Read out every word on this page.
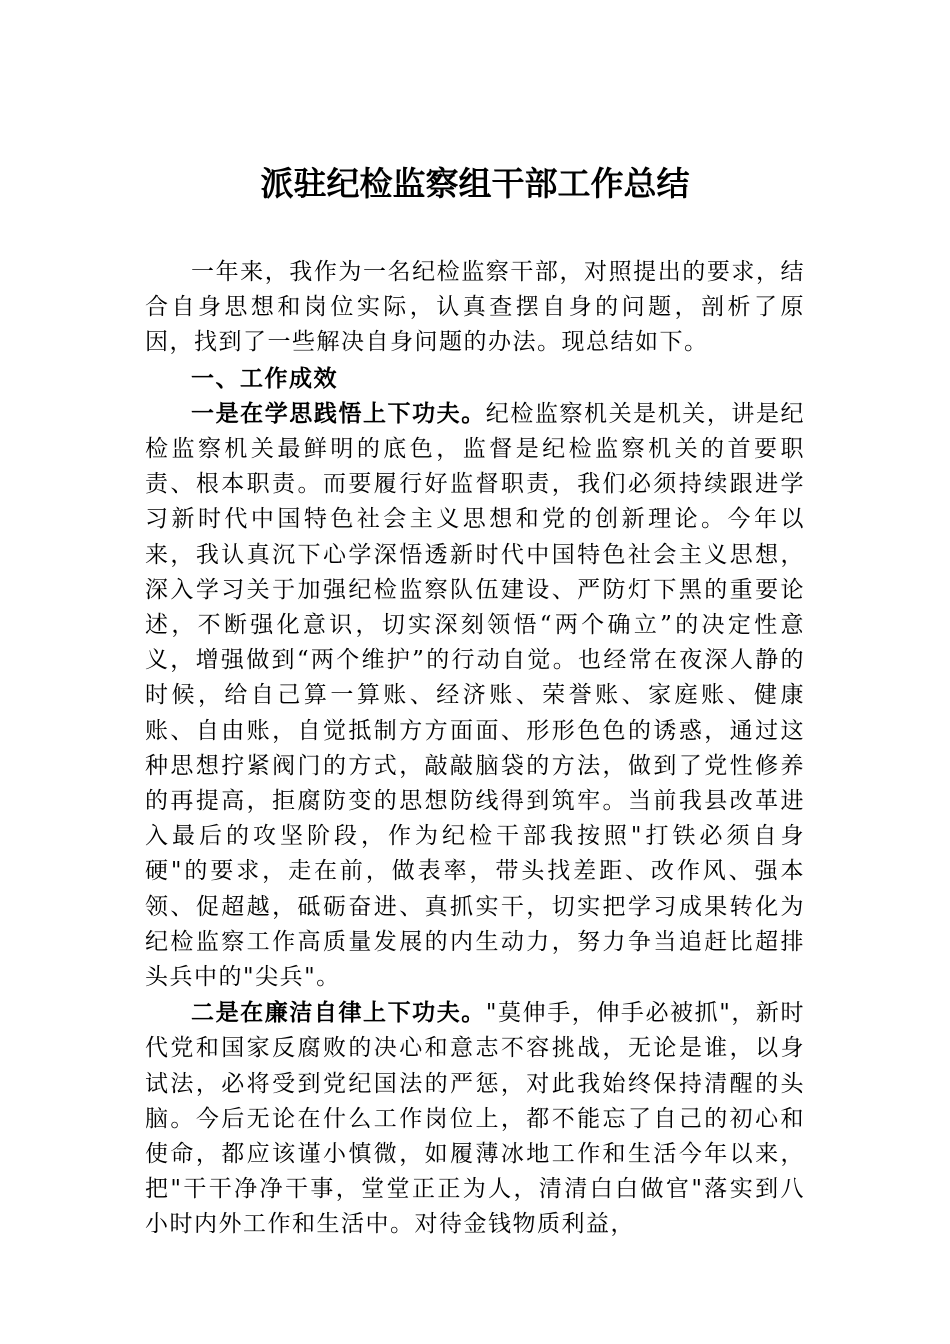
派驻纪检监察组干部工作总结

一年来，我作为一名纪检监察干部，对照提出的要求，结合自身思想和岗位实际，认真查摆自身的问题，剖析了原因，找到了一些解决自身问题的办法。现总结如下。

一、工作成效

一是在学思践悟上下功夫。纪检监察机关是机关，讲是纪检监察机关最鲜明的底色，监督是纪检监察机关的首要职责、根本职责。而要履行好监督职责，我们必须持续跟进学习新时代中国特色社会主义思想和党的创新理论。今年以来，我认真沉下心学深悟透新时代中国特色社会主义思想，深入学习关于加强纪检监察队伍建设、严防灯下黑的重要论述，不断强化意识，切实深刻领悟“两个确立”的决定性意义，增强做到“两个维护”的行动自觉。也经常在夜深人静的时候，给自己算一算账、经济账、荣誉账、家庭账、健康账、自由账，自觉抵制方方面面、形形色色的诱惑，通过这种思想拧紧阀门的方式，敲敲脑袋的方法，做到了党性修养的再提高，拒腐防变的思想防线得到筑牢。当前我县改革进入最后的攻坚阶段，作为纪检干部我按照"打铁必须自身硬"的要求，走在前，做表率，带头找差距、改作风、强本领、促超越，砥砺奋进、真抓实干，切实把学习成果转化为纪检监察工作高质量发展的内生动力，努力争当追赶比超排头兵中的"尖兵"。

二是在廉洁自律上下功夫。"莫伸手，伸手必被抓"，新时代党和国家反腐败的决心和意志不容挑战，无论是谁，以身试法，必将受到党纪国法的严惩，对此我始终保持清醒的头脑。今后无论在什么工作岗位上，都不能忘了自己的初心和使命，都应该谨小慎微，如履薄冰地工作和生活今年以来，把"干干净净干事，堂堂正正为人，清清白白做官"落实到八小时内外工作和生活中。对待金钱物质利益，
